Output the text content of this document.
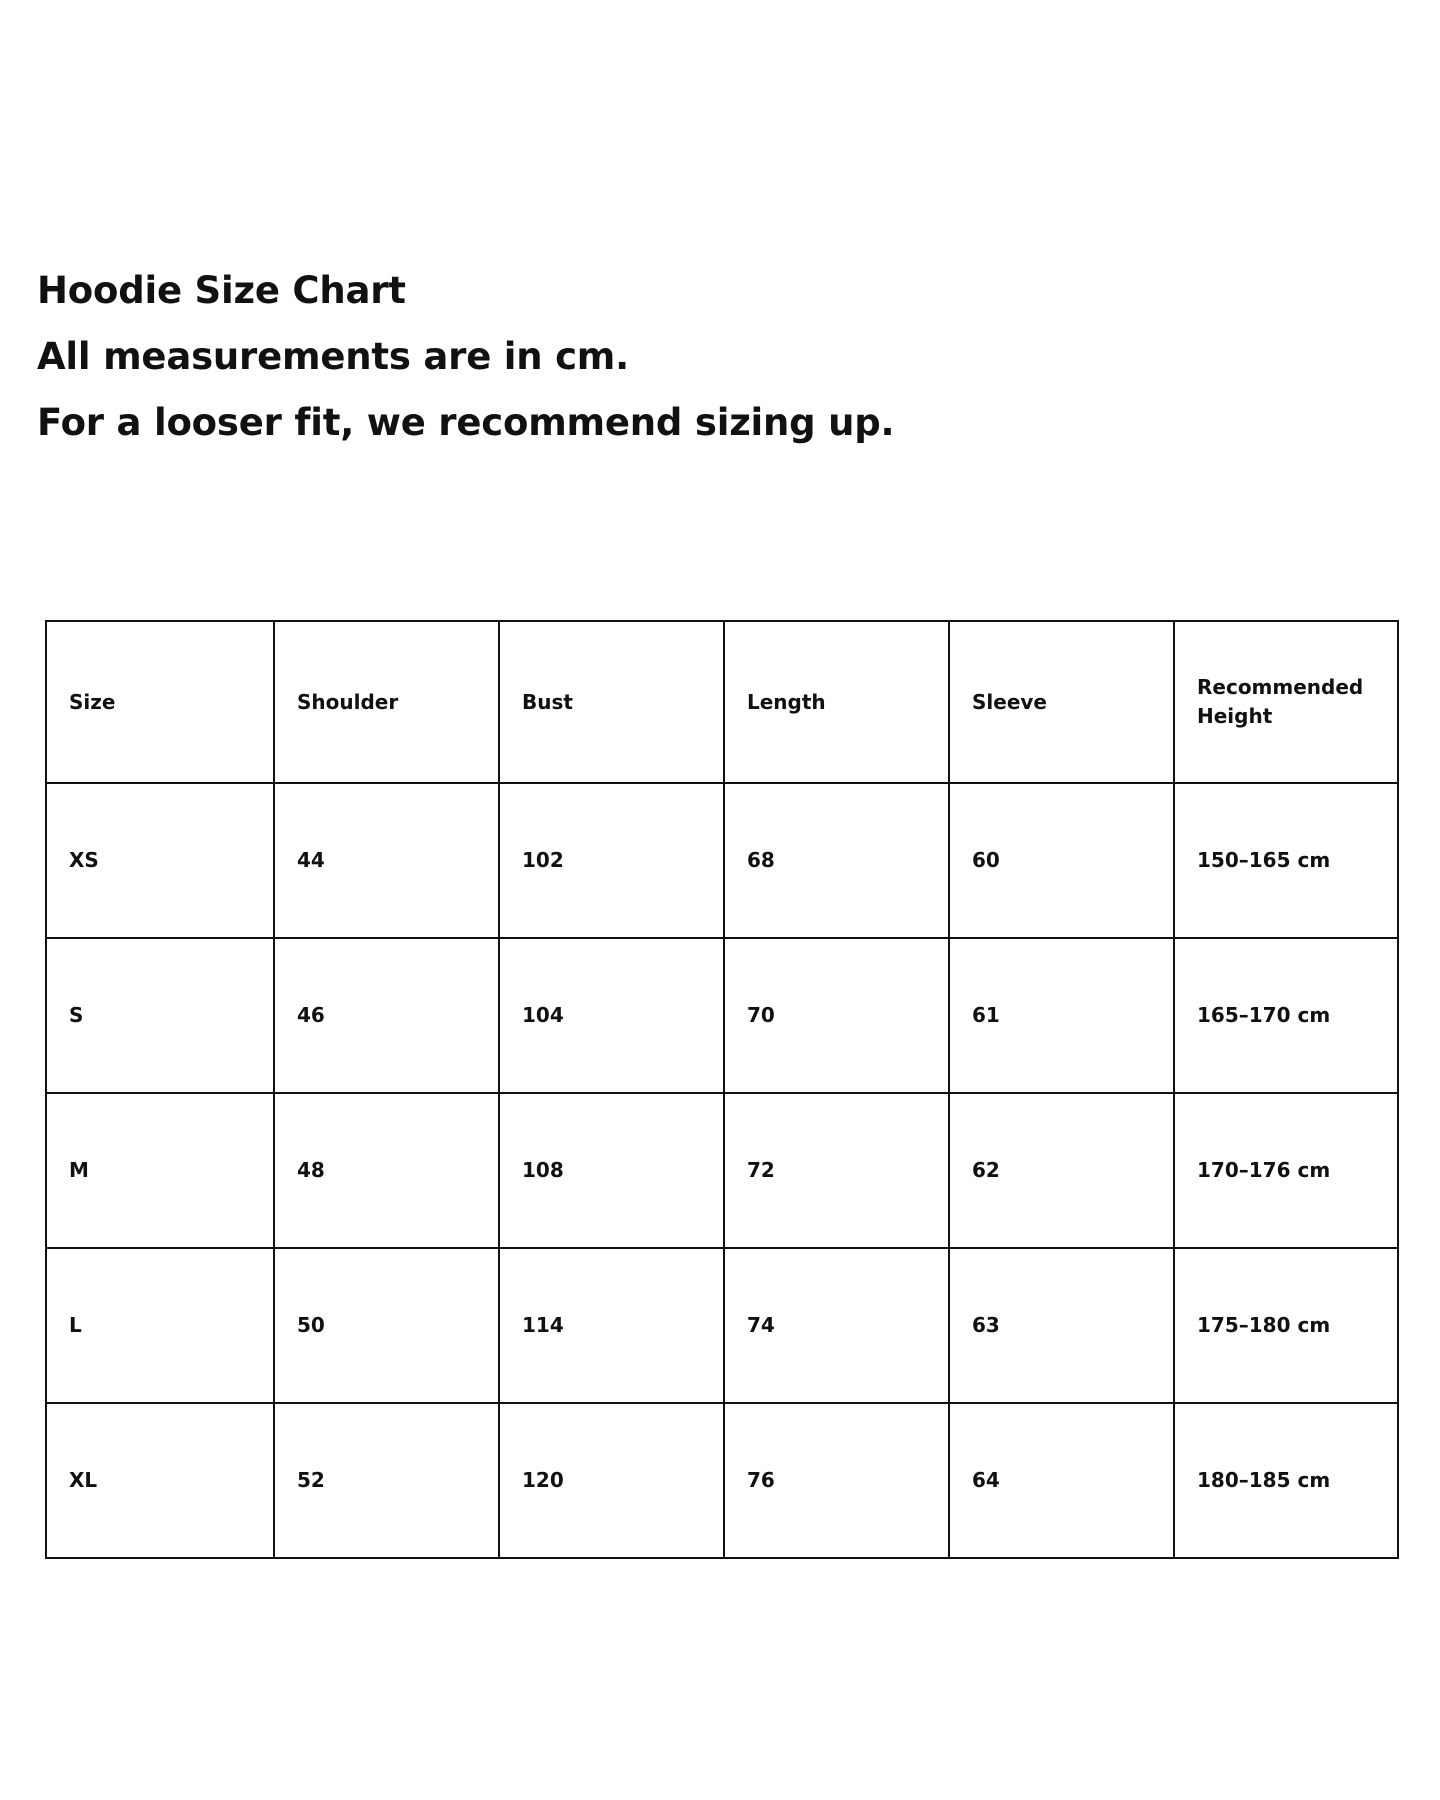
Hoodie Size Chart
All measurements are in cm.
For a looser fit, we recommend sizing up.
Size	Shoulder	Bust	Length	Sleeve	Recommended Height

XS	44	102	68	60	150–165 cm
S	46	104	70	61	165–170 cm
M	48	108	72	62	170–176 cm
L	50	114	74	63	175–180 cm
XL	52	120	76	64	180–185 cm
